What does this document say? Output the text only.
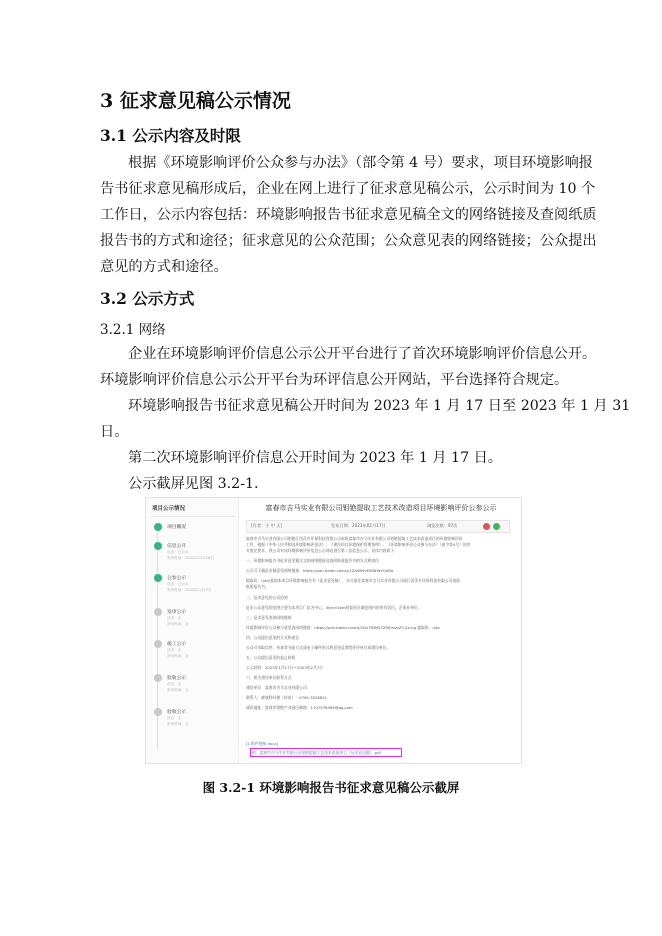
3 征求意见稿公示情况
3.1 公示内容及时限
根据《环境影响评价公众参与办法》（部令第 4 号）要求，项目环境影响报
告书征求意见稿形成后，企业在网上进行了征求意见稿公示，公示时间为 10 个
工作日，公示内容包括：环境影响报告书征求意见稿全文的网络链接及查阅纸质
报告书的方式和途径；征求意见的公众范围；公众意见表的网络链接；公众提出
意见的方式和途径。
3.2 公示方式
3.2.1 网络
企业在环境影响评价信息公示公开平台进行了首次环境影响评价信息公开。
环境影响评价信息公示公开平台为环评信息公开网站，平台选择符合规定。
环境影响报告书征求意见稿公开时间为 2023 年 1 月 17 日至 2023 年 1 月 31
日。
第二次环境影响评价信息公开时间为 2023 年 1 月 17 日。
公示截屏见图 3.2-1.
项目公示情况
项目概况
信息公开
状态：已公示
发布时间：2022年12月16日
公参公示
状态：已公示
发布时间：2023年1月17日
发审公示
状态：无
发布时间：无
竣工公示
状态：无
发布时间：无
验收公示
状态：无
发布时间：无
验收公示
状态：无
发布时间：无
富春市吉马实业有限公司钼铯提取工艺技术改造项目环境影响评价公参公示
[作者：小 甲 天]	发布日期：2023年01月17日	浏览次数：97次
富春市吉马实业有限公司钼铯江西萍乡环保科技有限公司承担富春市吉马实业有限公司钼铯提取工艺技术改造项目的环境影响评价
工作，根据《中华人民共和国环境影响评价法》、《建设项目环境保护管理条例》、《环境影响评价公众参与办法》（部令第4号）的有
关规定要求，我公司对该环境影响评价信息公示网站进行第二次信息公示，具体内容如下：
一、环境影响报告书征求意见稿全文的网络链接及查阅纸质报告书的方式和途径
公示可下载征求稿意见网络链接：https://pan.baidu.com/s/1ZXdB9yE896YaYQhRA
提取码：rj4d(查阅本项目环境影响报告书（征求意见稿），亦可前往富春市吉马实业有限公司或江西萍乡环保科技有限公司查阅
纸质报告书。
二、征求意见的公众范围
征求公众意见的范围主要为本项目厂址为中心，5km×5km的矩形区域范围内的所有居民、企事业单位。
三、征求意见表的网络链接
环境影响评价公众参与意见表网络链接：https://pan.baidu.com/s/1Dv7fDM5TZ9SmvbZ3,2e-hg 提取码：rj4o
四、公众提出意见的方式和途径
公众可采取信件、传真等书面方式或电子邮件形式将意见反馈给环评单位或建设单位。
五、公众提出意见的起止时间
公示时间：2023年1月17日～2023年2月7日
六、相关建设单位联系方式
建设单位：富春市吉马实业有限公司
联系人：廖斌科经理（传真）：0795-3526811
通讯地址：富春市钼铯产业园区邮箱：1107576569@qq.com
[1.附件链接.docx]
附：富春市吉马实业有限公司钼铯提取工艺技术改造项目（征求意见稿）.pdf
图 3.2-1 环境影响报告书征求意见稿公示截屏
